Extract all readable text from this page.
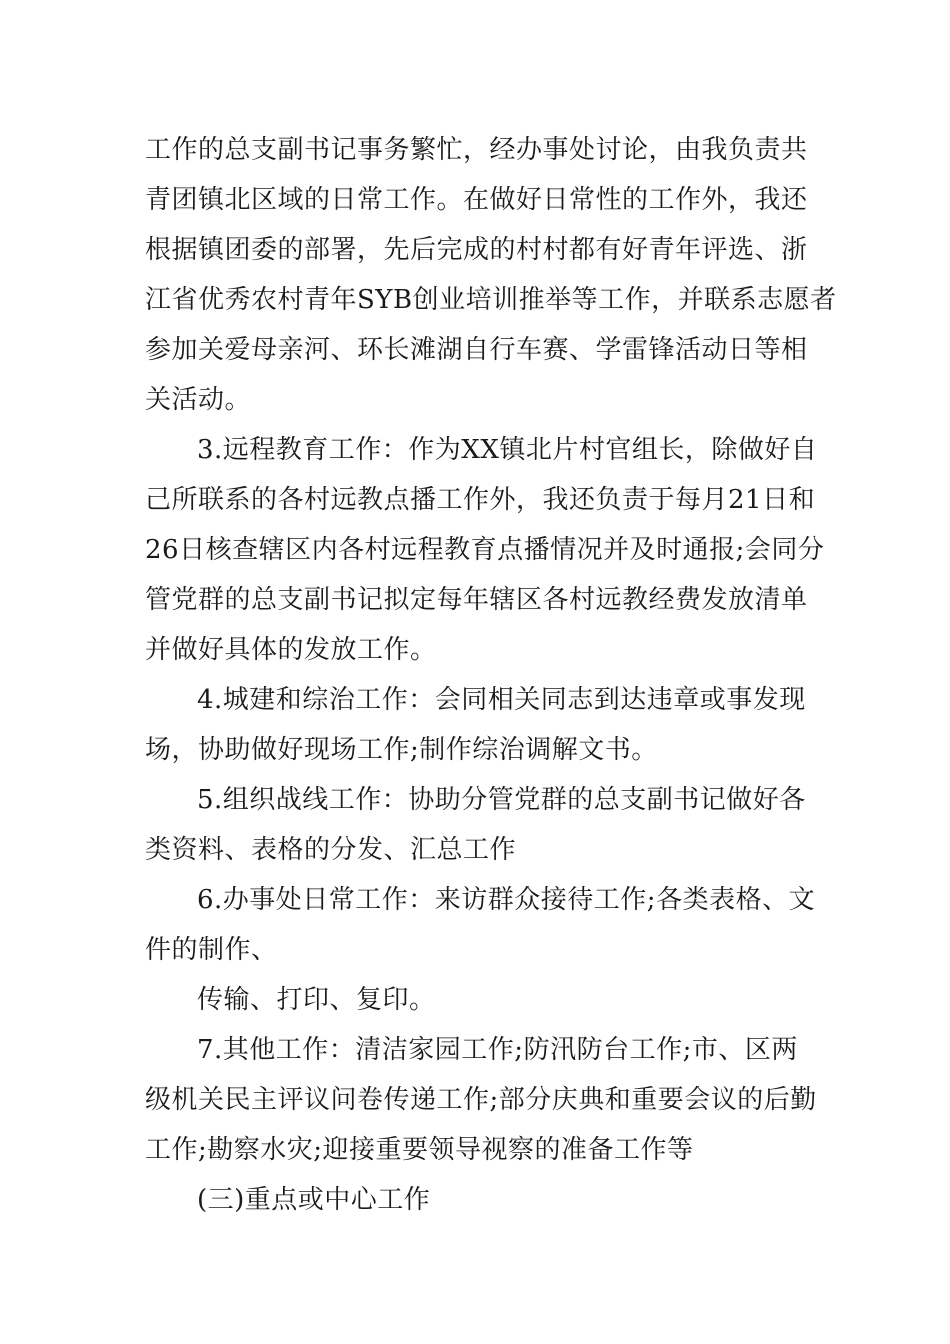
工作的总支副书记事务繁忙，经办事处讨论，由我负责共
青团镇北区域的日常工作。在做好日常性的工作外，我还
根据镇团委的部署，先后完成的村村都有好青年评选、浙
江省优秀农村青年SYB创业培训推举等工作，并联系志愿者
参加关爱母亲河、环长滩湖自行车赛、学雷锋活动日等相
关活动。
3.远程教育工作：作为XX镇北片村官组长，除做好自
己所联系的各村远教点播工作外，我还负责于每月21日和
26日核查辖区内各村远程教育点播情况并及时通报;会同分
管党群的总支副书记拟定每年辖区各村远教经费发放清单
并做好具体的发放工作。
4.城建和综治工作：会同相关同志到达违章或事发现
场，协助做好现场工作;制作综治调解文书。
5.组织战线工作：协助分管党群的总支副书记做好各
类资料、表格的分发、汇总工作
6.办事处日常工作：来访群众接待工作;各类表格、文
件的制作、
传输、打印、复印。
7.其他工作：清洁家园工作;防汛防台工作;市、区两
级机关民主评议问卷传递工作;部分庆典和重要会议的后勤
工作;勘察水灾;迎接重要领导视察的准备工作等
(三)重点或中心工作
